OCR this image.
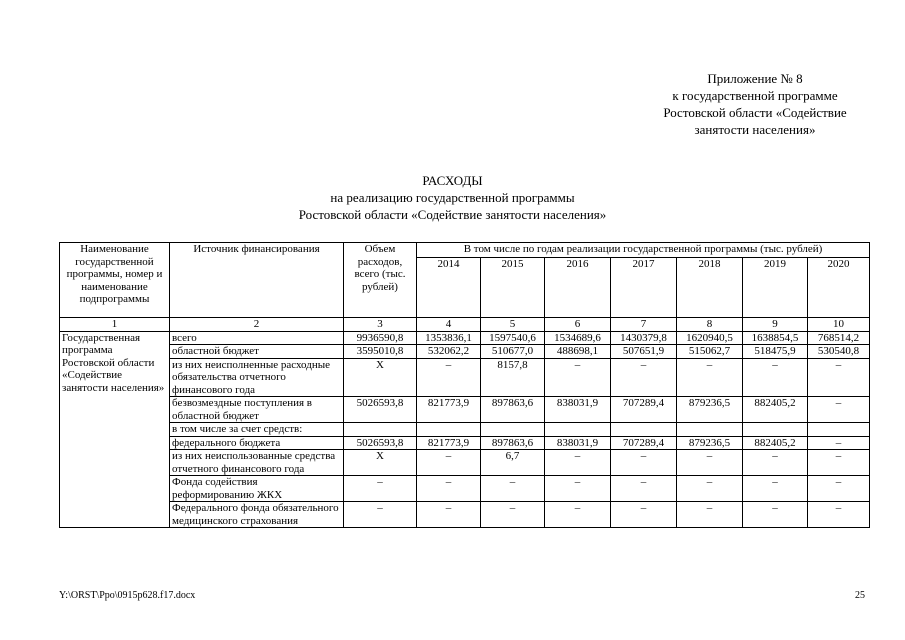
Приложение № 8
к государственной программе
Ростовской области «Содействие
занятости населения»
РАСХОДЫ
на реализацию государственной программы
Ростовской области «Содействие занятости населения»
Наименование государственной программы, номер и наименование подпрограммы	Источник финансирования	Объем расходов, всего (тыс. рублей)	В том числе по годам реализации государственной программы (тыс. рублей)						
			2014	2015	2016	2017	2018	2019	2020
1	2	3	4	5	6	7	8	9	10
Государственная программа Ростовской области «Содействие занятости населения»	всего	9936590,8	1353836,1	1597540,6	1534689,6	1430379,8	1620940,5	1638854,5	768514,2
	областной бюджет	3595010,8	532062,2	510677,0	488698,1	507651,9	515062,7	518475,9	530540,8
	из них неисполненные расходные обязательства отчетного финансового года	Х	–	8157,8	–	–	–	–	–
	безвозмездные поступления в областной бюджет	5026593,8	821773,9	897863,6	838031,9	707289,4	879236,5	882405,2	–
	в том числе за счет средств:								
	федерального бюджета	5026593,8	821773,9	897863,6	838031,9	707289,4	879236,5	882405,2	–
	из них неиспользованные средства отчетного финансового года	Х	–	6,7	–	–	–	–	–
	Фонда содействия реформированию ЖКХ	–	–	–	–	–	–	–	–
	Федерального фонда обязательного медицинского страхования	–	–	–	–	–	–	–	–
Y:\ORST\Ppo\0915p628.f17.docx	25
